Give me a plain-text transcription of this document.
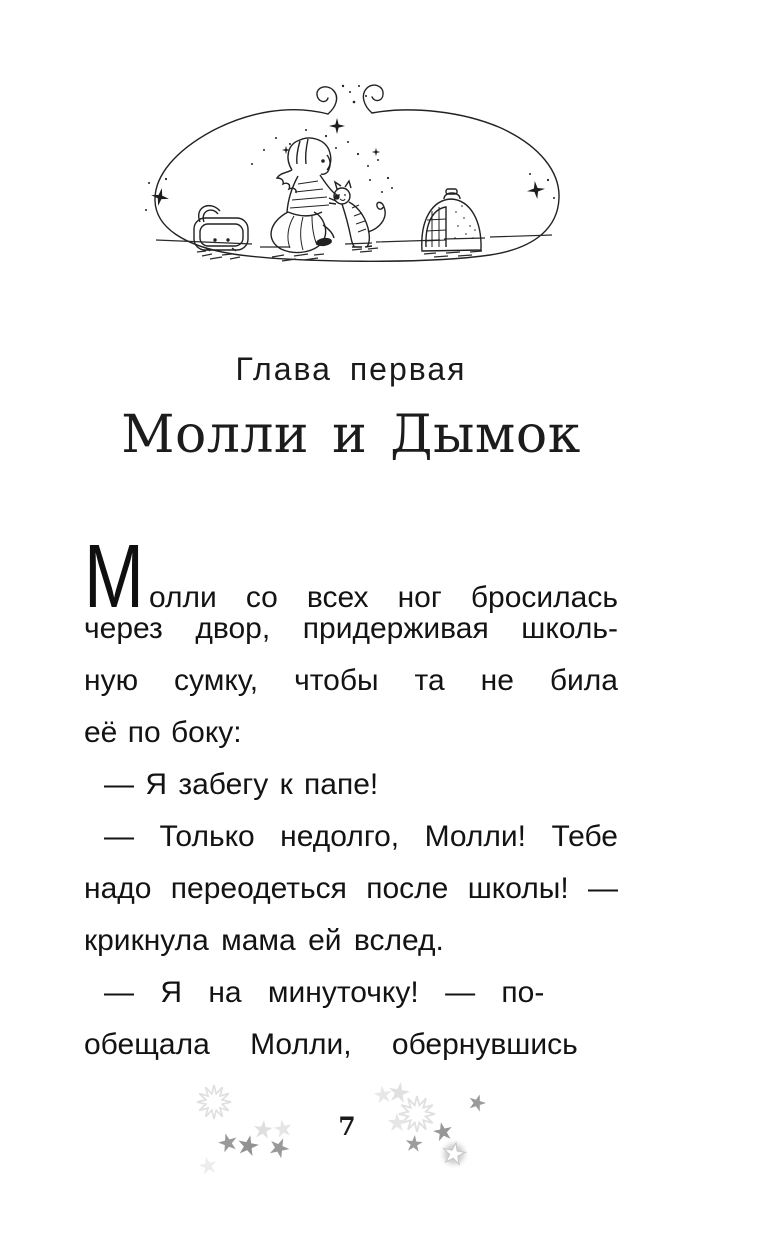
Глава первая
Молли и Дымок
Молли со всех ног бросилась
через двор, придерживая школь-
ную сумку, чтобы та не била
её по боку:
— Я забегу к папе!
— Только недолго, Молли! Тебе
надо переодеться после школы! —
крикнула мама ей вслед.
— Я на минуточку! — по-
обещала Молли, обернувшись
7
